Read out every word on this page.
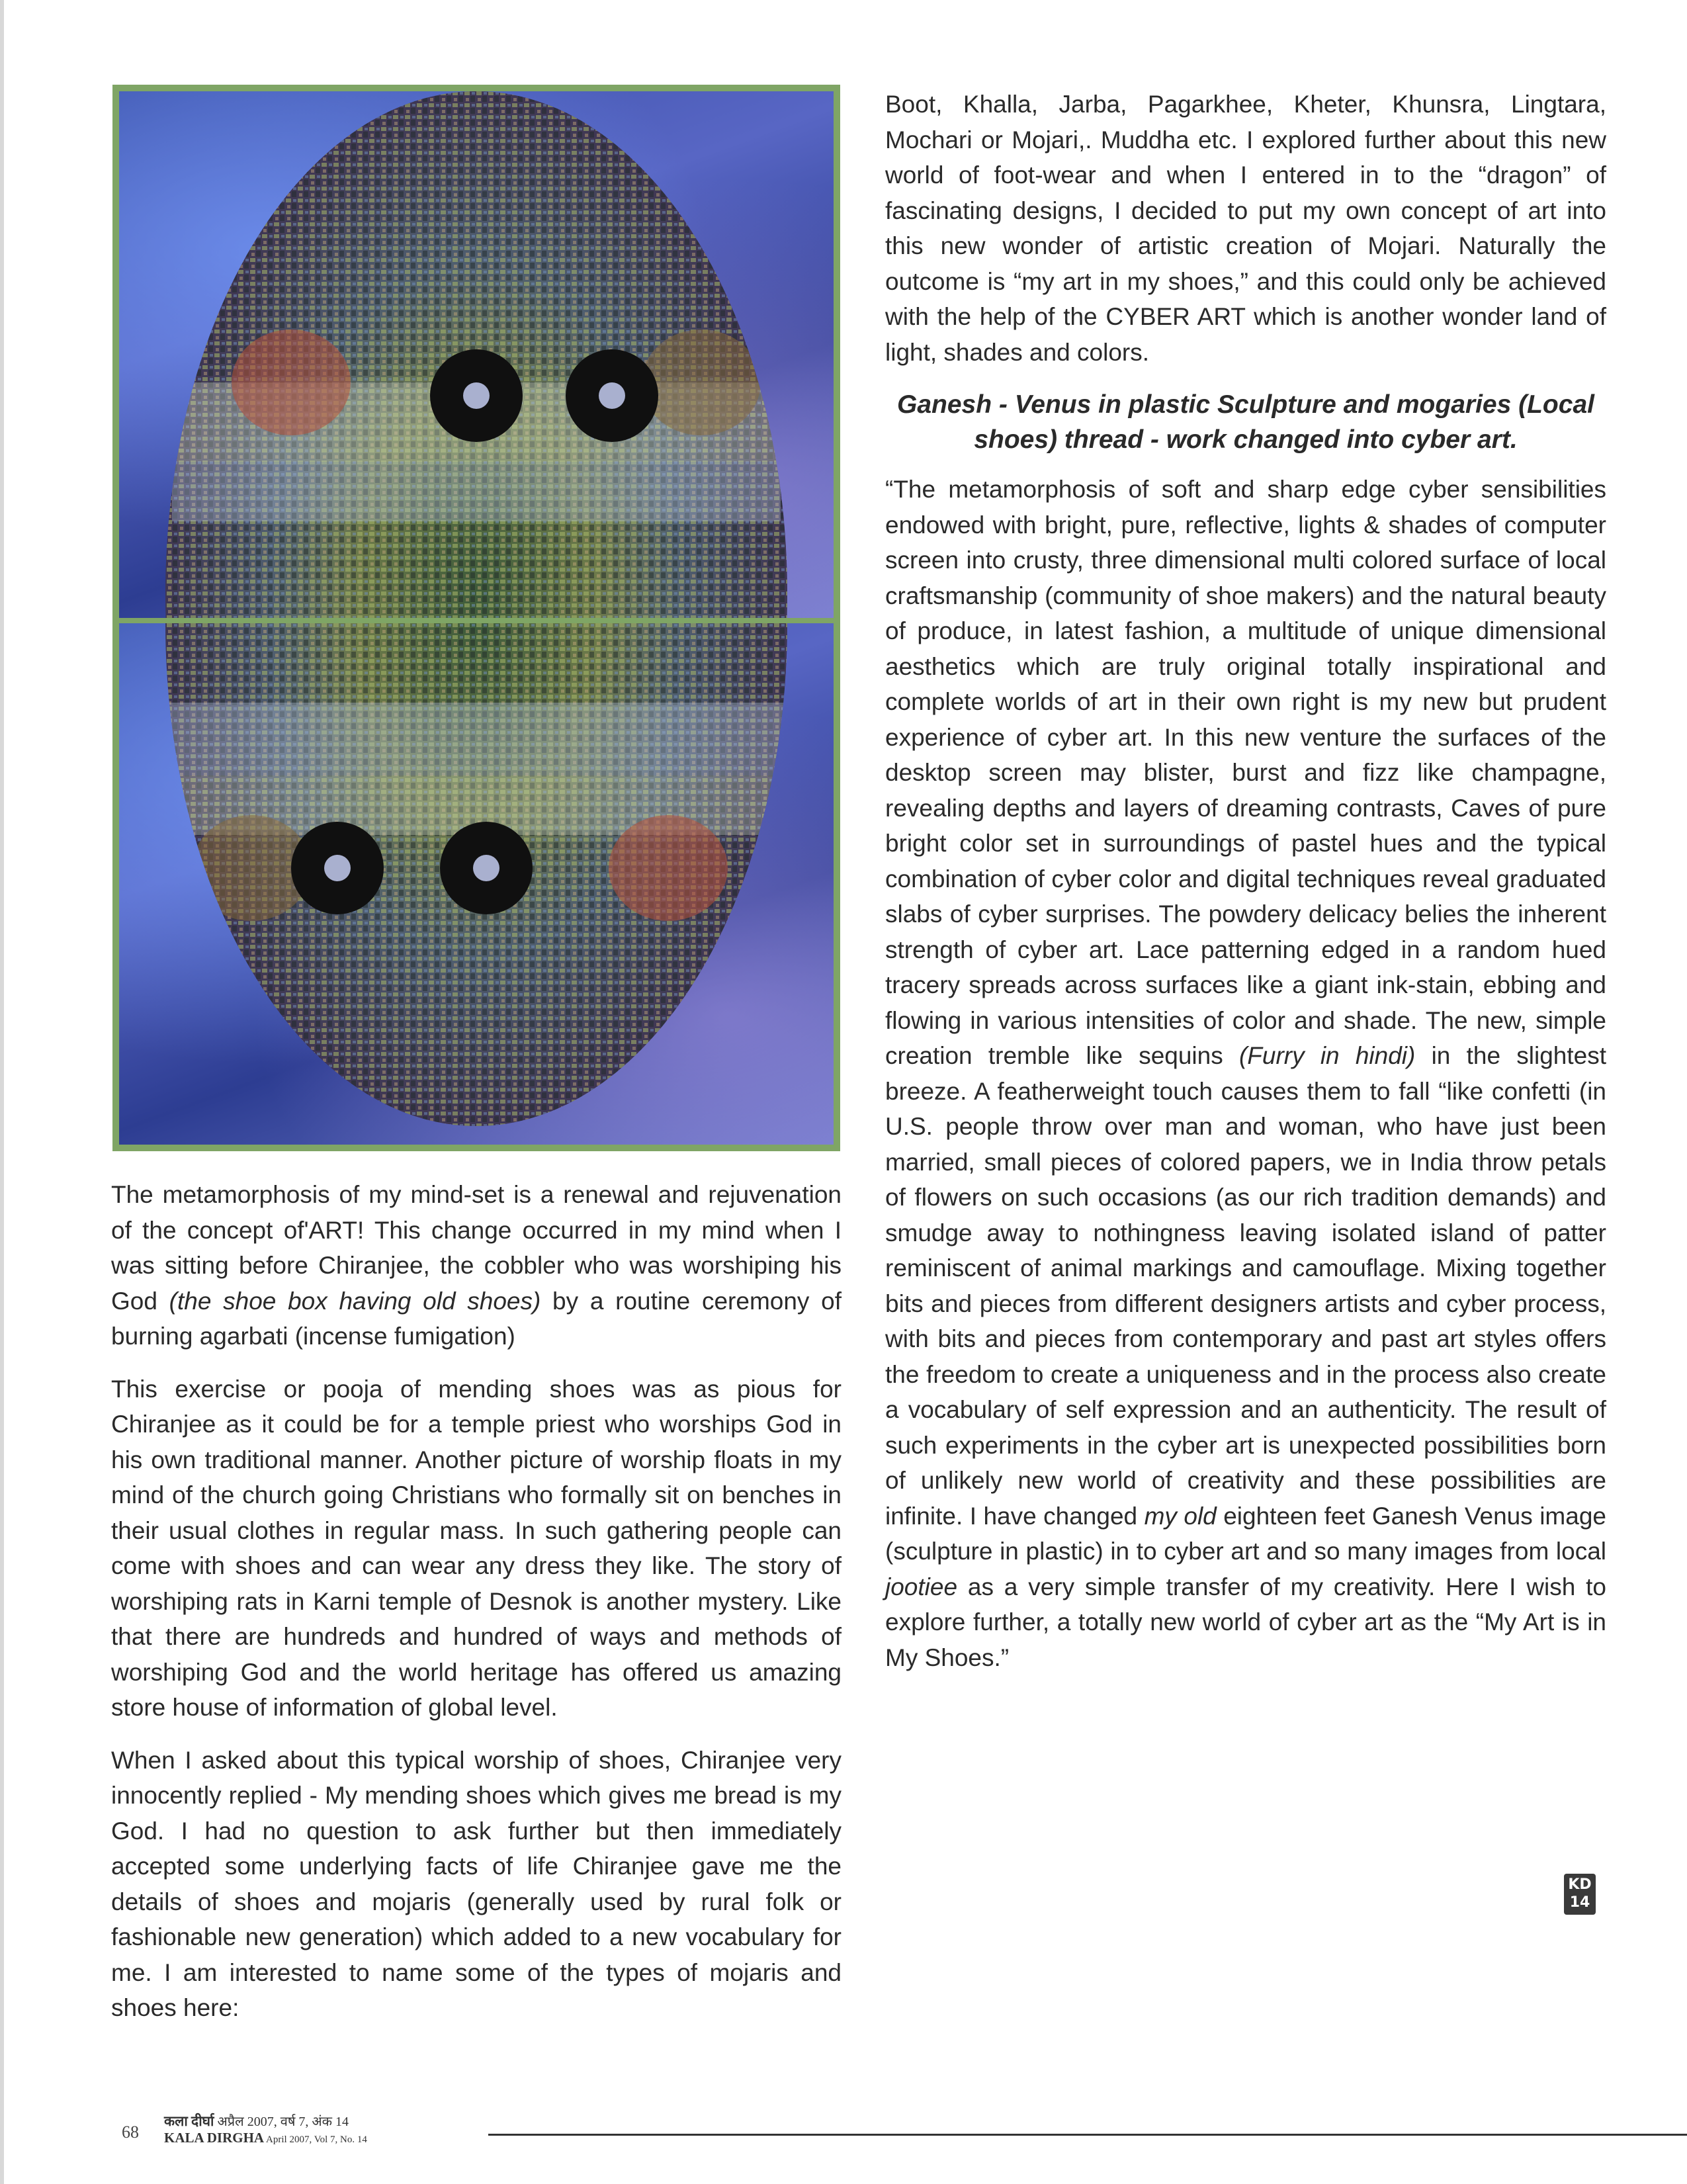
The metamorphosis of my mind-set is a renewal and rejuvenation of the concept of'ART! This change occurred in my mind when I was sitting before Chiranjee, the cobbler who was worshiping his God (the shoe box having old shoes) by a routine ceremony of burning agarbati (incense fumigation)

This exercise or pooja of mending shoes was as pious for Chiranjee as it could be for a temple priest who worships God in his own traditional manner. Another picture of worship floats in my mind of the church going Christians who formally sit on benches in their usual clothes in regular mass. In such gathering people can come with shoes and can wear any dress they like. The story of worshiping rats in Karni temple of Desnok is another mystery. Like that there are hundreds and hundred of ways and methods of worshiping God and the world heritage has offered us amazing store house of information of global level.

When I asked about this typical worship of shoes, Chiranjee very innocently replied - My mending shoes which gives me bread is my God. I had no question to ask further but then immediately accepted some underlying facts of life Chiranjee gave me the details of shoes and mojaris (generally used by rural folk or fashionable new generation) which added to a new vocabulary for me. I am interested to name some of the types of mojaris and shoes here:

Boot, Khalla, Jarba, Pagarkhee, Kheter, Khunsra, Lingtara, Mochari or Mojari,. Muddha etc. I explored further about this new world of foot-wear and when I entered in to the “dragon” of fascinating designs, I decided to put my own concept of art into this new wonder of artistic creation of Mojari. Naturally the outcome is “my art in my shoes,” and this could only be achieved with the help of the CYBER ART which is another wonder land of light, shades and colors.

Ganesh - Venus in plastic Sculpture and mogaries (Local shoes) thread - work changed into cyber art.

“The metamorphosis of soft and sharp edge cyber sensibilities endowed with bright, pure, reflective, lights & shades of computer screen into crusty, three dimensional multi colored surface of local craftsmanship (community of shoe makers) and the natural beauty of produce, in latest fashion, a multitude of unique dimensional aesthetics which are truly original totally inspirational and complete worlds of art in their own right is my new but prudent experience of cyber art. In this new venture the surfaces of the desktop screen may blister, burst and fizz like champagne, revealing depths and layers of dreaming contrasts, Caves of pure bright color set in surroundings of pastel hues and the typical combination of cyber color and digital techniques reveal graduated slabs of cyber surprises. The powdery delicacy belies the inherent strength of cyber art. Lace patterning edged in a random hued tracery spreads across surfaces like a giant ink-stain, ebbing and flowing in various intensities of color and shade. The new, simple creation tremble like sequins (Furry in hindi) in the slightest breeze. A featherweight touch causes them to fall “like confetti (in U.S. people throw over man and woman, who have just been married, small pieces of colored papers, we in India throw petals of flowers on such occasions (as our rich tradition demands) and smudge away to nothingness leaving isolated island of patter reminiscent of animal markings and camouflage. Mixing together bits and pieces from different designers artists and cyber process, with bits and pieces from contemporary and past art styles offers the freedom to create a uniqueness and in the process also create a vocabulary of self expression and an authenticity. The result of such experiments in the cyber art is unexpected possibilities born of unlikely new world of creativity and these possibilities are infinite. I have changed my old eighteen feet Ganesh Venus image (sculpture in plastic) in to cyber art and so many images from local jootiee as a very simple transfer of my creativity. Here I wish to explore further, a totally new world of cyber art as the “My Art is in My Shoes.”

KD
14
68
कला दीर्घा अप्रैल 2007, वर्ष 7, अंक 14
KALA DIRGHA April 2007, Vol 7, No. 14
